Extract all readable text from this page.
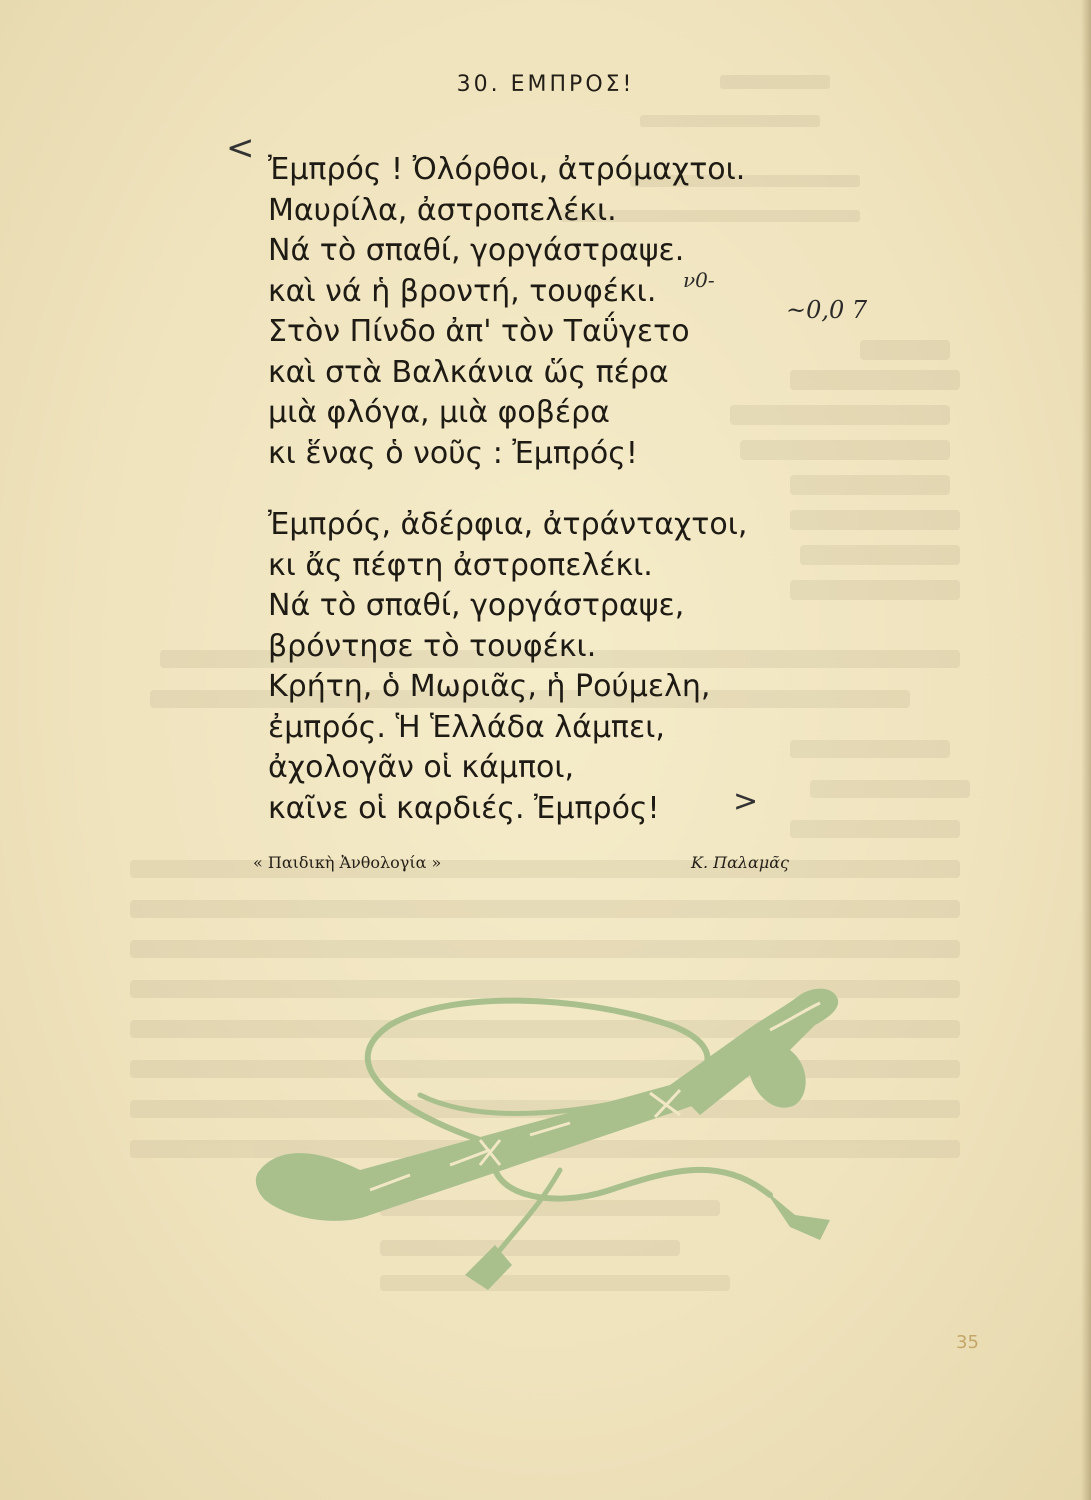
30. ΕΜΠΡΟΣ!
<
Ἐμπρός ! Ὀλόρθοι, ἀτρόμαχτοι.
Μαυρίλα, ἀστροπελέκι.
Νά τὸ σπαθί, γοργάστραψε.
καὶ νά ἡ βροντή, τουφέκι.
Στὸν Πίνδο ἀπ' τὸν Ταΰγετο
καὶ στὰ Βαλκάνια ὥς πέρα
μιὰ φλόγα, μιὰ φοβέρα
κι ἕνας ὁ νοῦς : Ἐμπρός!
ν0-
~0,0 7
Ἐμπρός, ἀδέρφια, ἀτράνταχτοι,
κι ἄς πέφτη ἀστροπελέκι.
Νά τὸ σπαθί, γοργάστραψε,
βρόντησε τὸ τουφέκι.
Κρήτη, ὁ Μωριᾶς, ἡ Ρούμελη,
ἐμπρός. Ἡ Ἑλλάδα λάμπει,
ἀχολογᾶν οἱ κάμποι,
καῖνε οἱ καρδιές. Ἐμπρός!	>
« Παιδικὴ Ἀνθολογία »	Κ. Παλαμᾶς
35
